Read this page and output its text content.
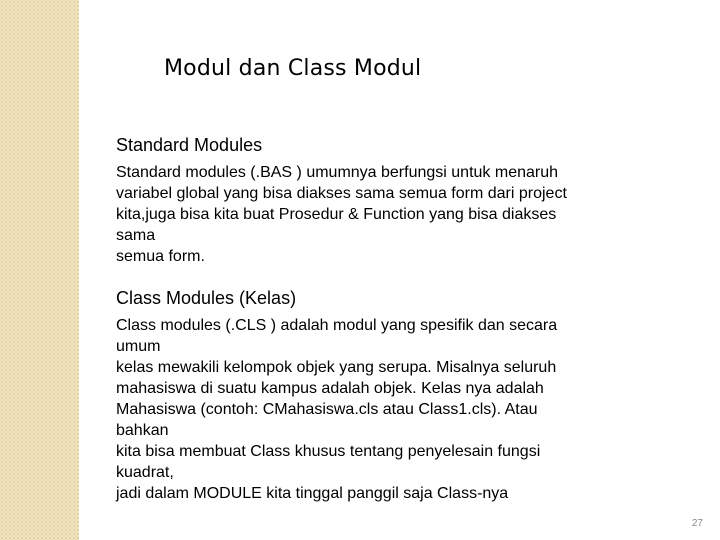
Modul dan Class Modul
Standard Modules

Standard modules (.BAS ) umumnya berfungsi untuk menaruh
variabel global yang bisa diakses sama semua form dari project
kita,juga bisa kita buat Prosedur & Function yang bisa diakses
sama
semua form.

Class Modules (Kelas)

Class modules (.CLS ) adalah modul yang spesifik dan secara
umum
kelas mewakili kelompok objek yang serupa. Misalnya seluruh
mahasiswa di suatu kampus adalah objek. Kelas nya adalah
Mahasiswa (contoh: CMahasiswa.cls atau Class1.cls). Atau
bahkan
kita bisa membuat Class khusus tentang penyelesain fungsi
kuadrat,
jadi dalam MODULE kita tinggal panggil saja Class-nya

27
